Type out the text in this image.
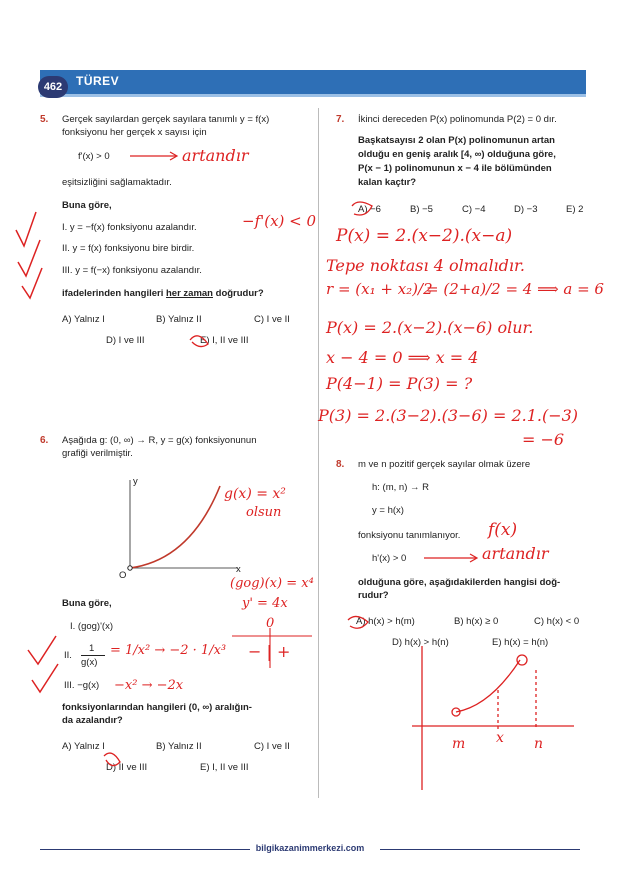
462	TÜREV
5. Gerçek sayılardan gerçek sayılara tanımlı y = f(x)
fonksiyonu her gerçek x sayısı için
f'(x) > 0
eşitsizliğini sağlamaktadır.
Buna göre,
I. y = −f(x) fonksiyonu azalandır.
II. y = f(x) fonksiyonu bire birdir.
III. y = f(−x) fonksiyonu azalandır.
ifadelerinden hangileri her zaman doğrudur?
A) Yalnız I	B) Yalnız II	C) I ve II
D) I ve III	E) I, II ve III
artandır
−f'(x) < 0
6. Aşağıda g: (0, ∞) → R, y = g(x) fonksiyonunun
grafiği verilmiştir.
y
x
O
Buna göre,
I. (gog)'(x)
II.
1
g(x)
III. −g(x)
fonksiyonlarından hangileri (0, ∞) aralığın-
da azalandır?
A) Yalnız I	B) Yalnız II	C) I ve II
D) II ve III	E) I, II ve III
g(x) = x²
olsun
(gog)(x) = x⁴
y' = 4x
0
− | +
= 1/x² → −2 · 1/x³
−x² → −2x
7. İkinci dereceden P(x) polinomunda P(2) = 0 dır.
Başkatsayısı 2 olan P(x) polinomunun artan
olduğu en geniş aralık [4, ∞) olduğuna göre,
P(x − 1) polinomunun x − 4 ile bölümünden
kalan kaçtır?
A) −6	B) −5	C) −4	D) −3	E) 2
P(x) = 2.(x−2).(x−a)
Tepe noktası 4 olmalıdır.
r = (x₁ + x₂)/2
= (2+a)/2 = 4 ⟹ a = 6
P(x) = 2.(x−2).(x−6) olur.
x − 4 = 0 ⟹ x = 4
P(4−1) = P(3) = ?
P(3) = 2.(3−2).(3−6) = 2.1.(−3)
= −6
8. m ve n pozitif gerçek sayılar olmak üzere
h: (m, n) → R
y = h(x)
fonksiyonu tanımlanıyor.
h'(x) > 0
olduğuna göre, aşağıdakilerden hangisi doğ-
rudur?
A) h(x) > h(m)	B) h(x) ≥ 0	C) h(x) < 0
D) h(x) > h(n)	E) h(x) = h(n)
f(x)
artandır
m x n
bilgikazanimmerkezi.com
